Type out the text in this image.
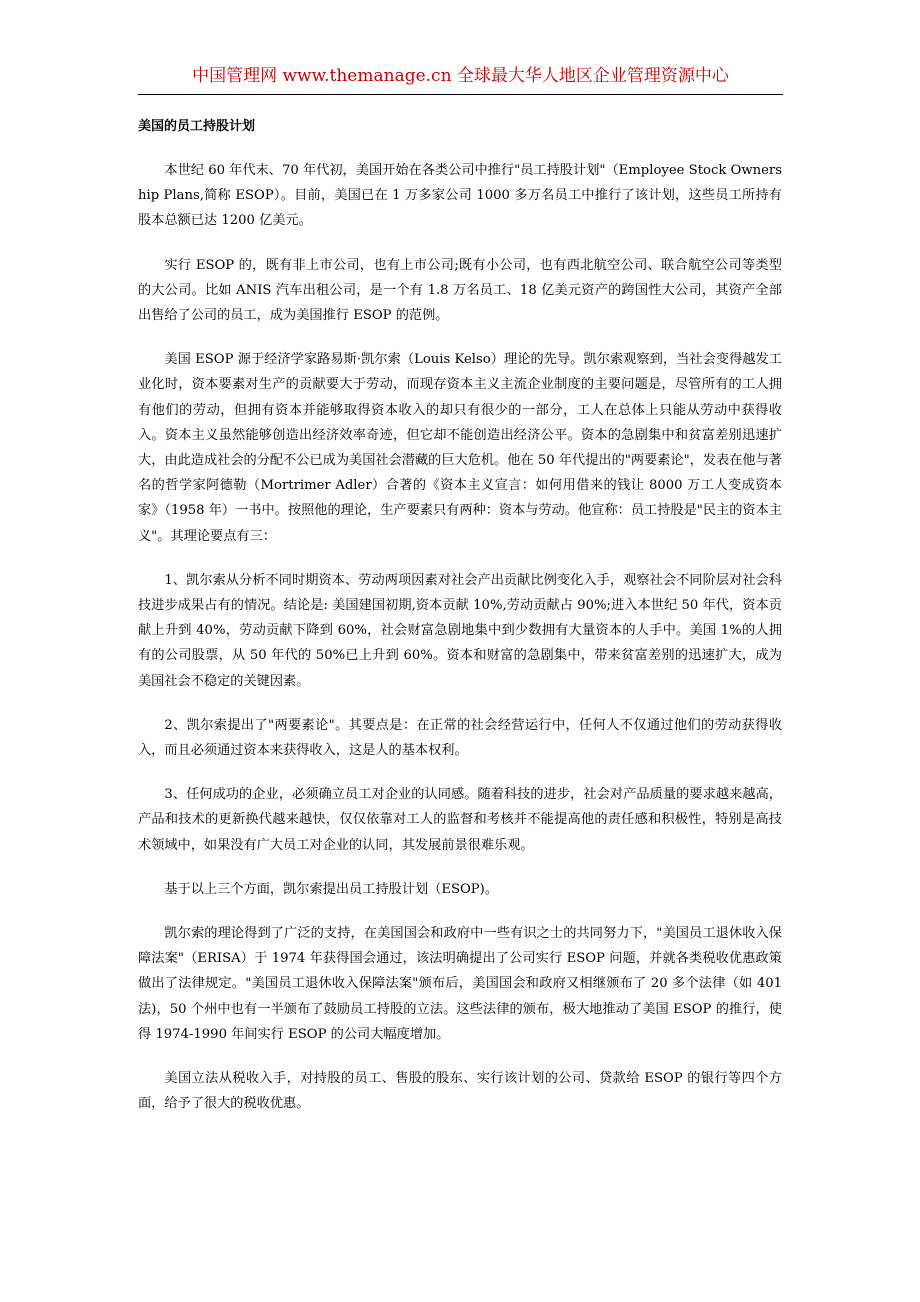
中国管理网 www.themanage.cn 全球最大华人地区企业管理资源中心
美国的员工持股计划

本世纪 60 年代末、70 年代初，美国开始在各类公司中推行"员工持股计划"（Employee Stock Ownership Plans,简称 ESOP）。目前，美国已在 1 万多家公司 1000 多万名员工中推行了该计划，这些员工所持有股本总额已达 1200 亿美元。

实行 ESOP 的，既有非上市公司，也有上市公司;既有小公司，也有西北航空公司、联合航空公司等类型的大公司。比如 ANIS 汽车出租公司，是一个有 1.8 万名员工、18 亿美元资产的跨国性大公司，其资产全部出售给了公司的员工，成为美国推行 ESOP 的范例。

美国 ESOP 源于经济学家路易斯·凯尔索（Louis Kelso）理论的先导。凯尔索观察到，当社会变得越发工业化时，资本要素对生产的贡献要大于劳动，而现存资本主义主流企业制度的主要问题是，尽管所有的工人拥有他们的劳动，但拥有资本并能够取得资本收入的却只有很少的一部分，工人在总体上只能从劳动中获得收入。资本主义虽然能够创造出经济效率奇迹，但它却不能创造出经济公平。资本的急剧集中和贫富差别迅速扩大，由此造成社会的分配不公已成为美国社会潜藏的巨大危机。他在 50 年代提出的"两要素论"，发表在他与著名的哲学家阿德勒（Mortrimer Adler）合著的《资本主义宣言：如何用借来的钱让 8000 万工人变成资本家》（1958 年）一书中。按照他的理论，生产要素只有两种：资本与劳动。他宣称：员工持股是"民主的资本主义"。其理论要点有三：

1、凯尔索从分析不同时期资本、劳动两项因素对社会产出贡献比例变化入手，观察社会不同阶层对社会科技进步成果占有的情况。结论是: 美国建国初期,资本贡献 10%,劳动贡献占 90%;进入本世纪 50 年代，资本贡献上升到 40%，劳动贡献下降到 60%，社会财富急剧地集中到少数拥有大量资本的人手中。美国 1%的人拥有的公司股票，从 50 年代的 50%已上升到 60%。资本和财富的急剧集中，带来贫富差别的迅速扩大，成为美国社会不稳定的关键因素。

2、凯尔索提出了"两要素论"。其要点是：在正常的社会经营运行中，任何人不仅通过他们的劳动获得收入，而且必须通过资本来获得收入，这是人的基本权利。

3、任何成功的企业，必须确立员工对企业的认同感。随着科技的进步，社会对产品质量的要求越来越高，产品和技术的更新换代越来越快，仅仅依靠对工人的监督和考核并不能提高他的责任感和积极性，特别是高技术领域中，如果没有广大员工对企业的认同，其发展前景很难乐观。

基于以上三个方面，凯尔索提出员工持股计划（ESOP)。

凯尔索的理论得到了广泛的支持，在美国国会和政府中一些有识之士的共同努力下，"美国员工退休收入保障法案"（ERISA）于 1974 年获得国会通过，该法明确提出了公司实行 ESOP 问题，并就各类税收优惠政策做出了法律规定。"美国员工退休收入保障法案"颁布后，美国国会和政府又相继颁布了 20 多个法律（如 401 法)，50 个州中也有一半颁布了鼓励员工持股的立法。这些法律的颁布，极大地推动了美国 ESOP 的推行，使得 1974-1990 年间实行 ESOP 的公司大幅度增加。

美国立法从税收入手，对持股的员工、售股的股东、实行该计划的公司、贷款给 ESOP 的银行等四个方面，给予了很大的税收优惠。
